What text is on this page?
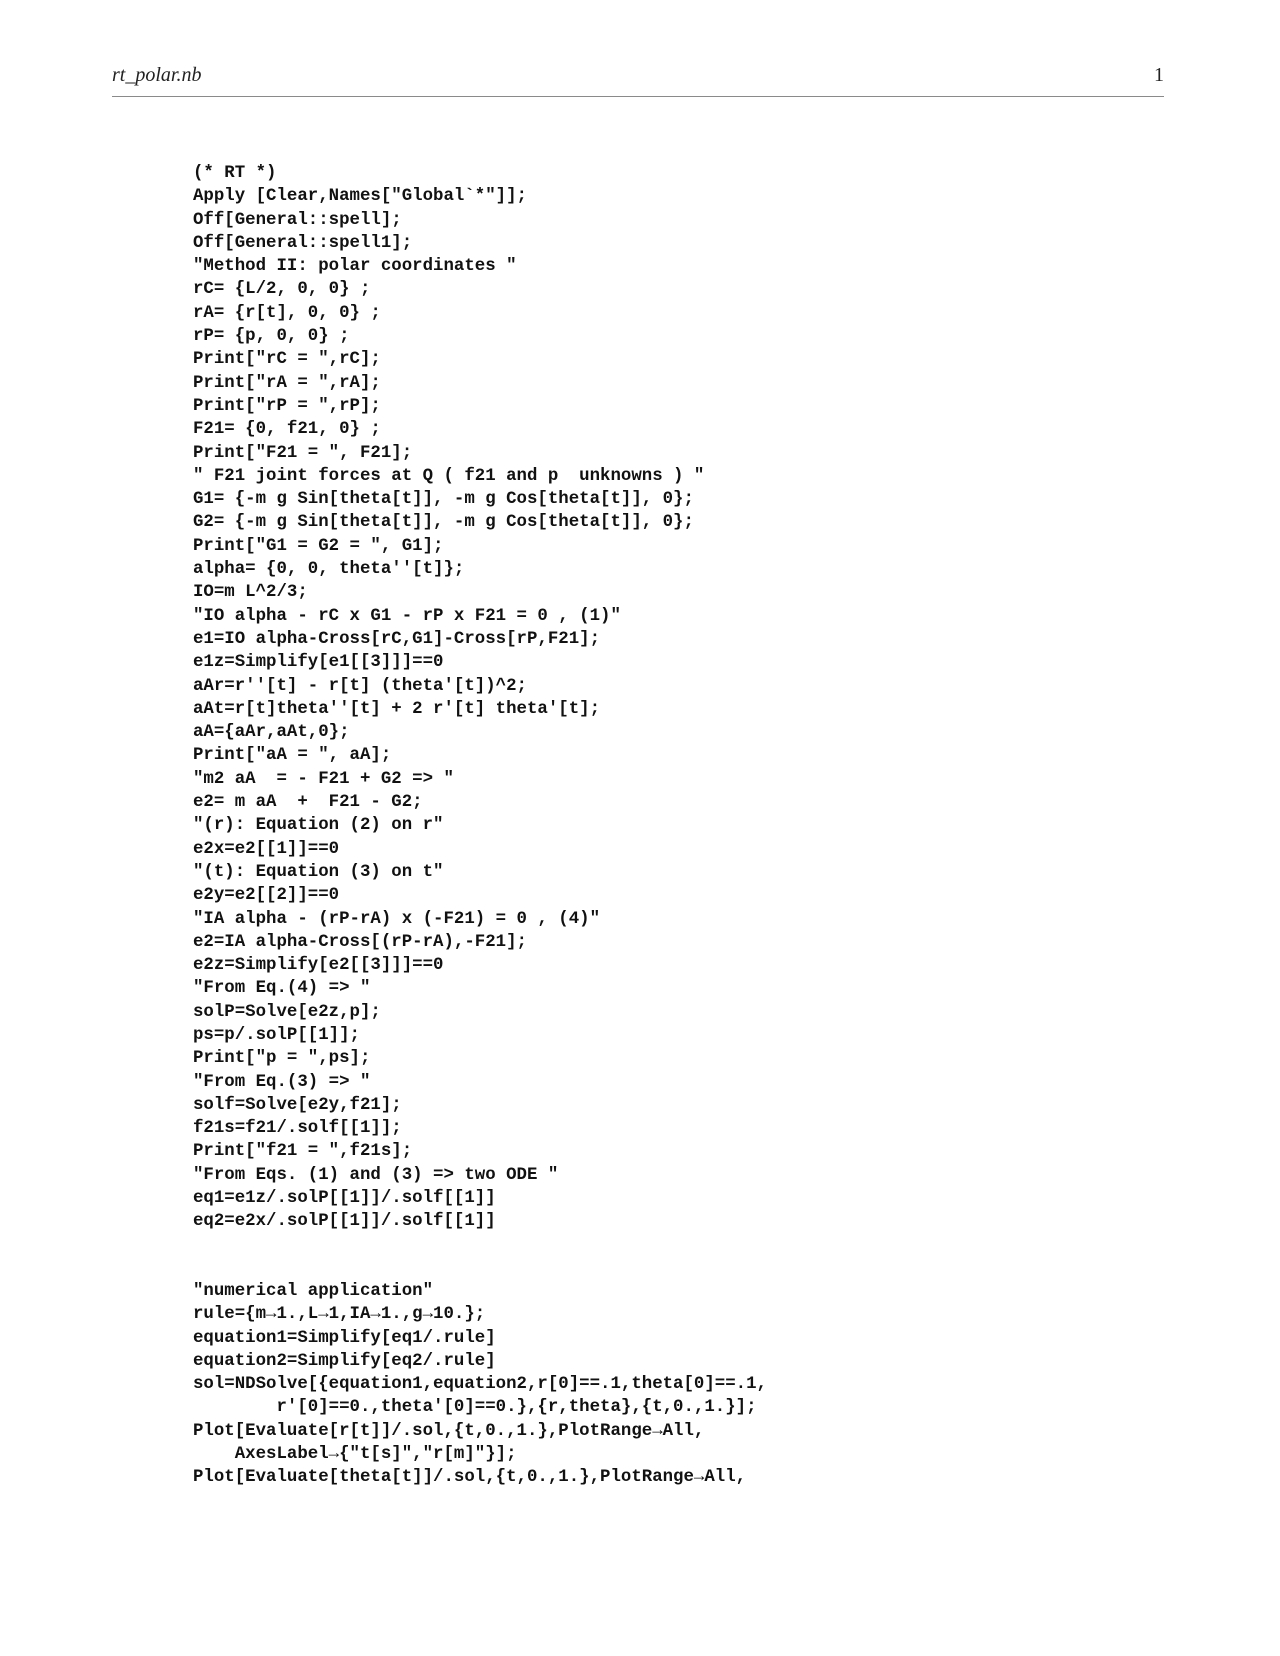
rt_polar.nb	1
(* RT *)
Apply [Clear,Names["Global`*"]];
Off[General::spell];
Off[General::spell1];
"Method II: polar coordinates "
rC= {L/2, 0, 0} ;
rA= {r[t], 0, 0} ;
rP= {p, 0, 0} ;
Print["rC = ",rC];
Print["rA = ",rA];
Print["rP = ",rP];
F21= {0, f21, 0} ;
Print["F21 = ", F21];
" F21 joint forces at Q ( f21 and p  unknowns ) "
G1= {-m g Sin[theta[t]], -m g Cos[theta[t]], 0};
G2= {-m g Sin[theta[t]], -m g Cos[theta[t]], 0};
Print["G1 = G2 = ", G1];
alpha= {0, 0, theta''[t]};
IO=m L^2/3;
"IO alpha - rC x G1 - rP x F21 = 0 , (1)"
e1=IO alpha-Cross[rC,G1]-Cross[rP,F21];
e1z=Simplify[e1[[3]]]==0
aAr=r''[t] - r[t] (theta'[t])^2;
aAt=r[t]theta''[t] + 2 r'[t] theta'[t];
aA={aAr,aAt,0};
Print["aA = ", aA];
"m2 aA  = - F21 + G2 => "
e2= m aA  +  F21 - G2;
"(r): Equation (2) on r"
e2x=e2[[1]]==0
"(t): Equation (3) on t"
e2y=e2[[2]]==0
"IA alpha - (rP-rA) x (-F21) = 0 , (4)"
e2=IA alpha-Cross[(rP-rA),-F21];
e2z=Simplify[e2[[3]]]==0
"From Eq.(4) => "
solP=Solve[e2z,p];
ps=p/.solP[[1]];
Print["p = ",ps];
"From Eq.(3) => "
solf=Solve[e2y,f21];
f21s=f21/.solf[[1]];
Print["f21 = ",f21s];
"From Eqs. (1) and (3) => two ODE "
eq1=e1z/.solP[[1]]/.solf[[1]]
eq2=e2x/.solP[[1]]/.solf[[1]]
"numerical application"
rule={m→1.,L→1,IA→1.,g→10.};
equation1=Simplify[eq1/.rule]
equation2=Simplify[eq2/.rule]
sol=NDSolve[{equation1,equation2,r[0]==.1,theta[0]==.1,
r'[0]==0.,theta'[0]==0.},{r,theta},{t,0.,1.}];
Plot[Evaluate[r[t]]/.sol,{t,0.,1.},PlotRange→All,
AxesLabel→{"t[s]","r[m]"}];
Plot[Evaluate[theta[t]]/.sol,{t,0.,1.},PlotRange→All,
